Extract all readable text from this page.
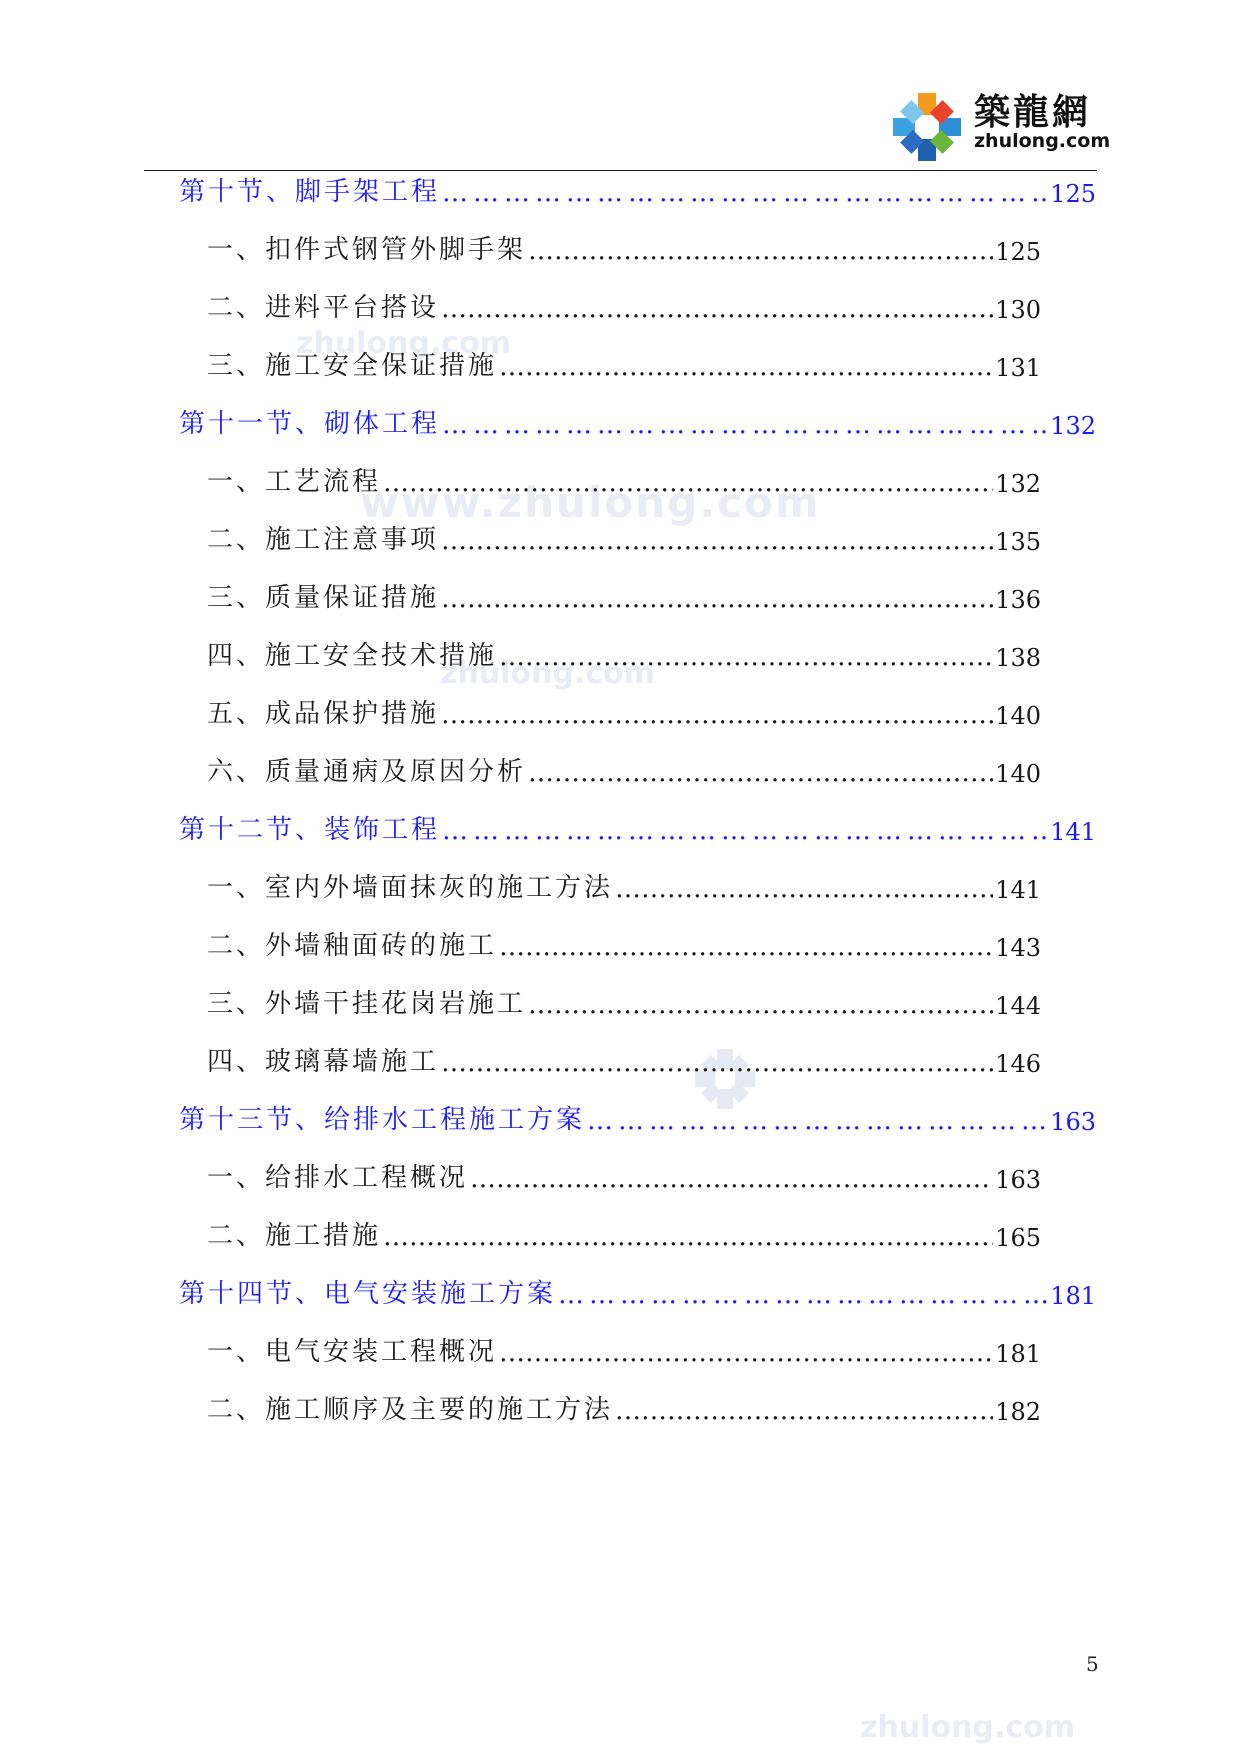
築龍網
zhulong.com
zhulong.com
www.zhulong.com
zhulong.com
第十节、脚手架工程 …………………………………………………………………………………………………………………………………………………………	125
一、扣件式钢管外脚手架 …………………………………………………………………………………………………………………………………………………………	125
二、进料平台搭设 …………………………………………………………………………………………………………………………………………………………	130
三、施工安全保证措施 …………………………………………………………………………………………………………………………………………………………	131
第十一节、砌体工程 …………………………………………………………………………………………………………………………………………………………	132
一、工艺流程 …………………………………………………………………………………………………………………………………………………………	132
二、施工注意事项 …………………………………………………………………………………………………………………………………………………………	135
三、质量保证措施 …………………………………………………………………………………………………………………………………………………………	136
四、施工安全技术措施 …………………………………………………………………………………………………………………………………………………………	138
五、成品保护措施 …………………………………………………………………………………………………………………………………………………………	140
六、质量通病及原因分析 …………………………………………………………………………………………………………………………………………………………	140
第十二节、装饰工程 …………………………………………………………………………………………………………………………………………………………	141
一、室内外墙面抹灰的施工方法 …………………………………………………………………………………………………………………………………………………………	141
二、外墙釉面砖的施工 …………………………………………………………………………………………………………………………………………………………	143
三、外墙干挂花岗岩施工 …………………………………………………………………………………………………………………………………………………………	144
四、玻璃幕墙施工 …………………………………………………………………………………………………………………………………………………………	146
第十三节、给排水工程施工方案 …………………………………………………………………………………………………………………………………………………………	163
一、给排水工程概况 …………………………………………………………………………………………………………………………………………………………	163
二、施工措施 …………………………………………………………………………………………………………………………………………………………	165
第十四节、电气安装施工方案 …………………………………………………………………………………………………………………………………………………………	181
一、电气安装工程概况 …………………………………………………………………………………………………………………………………………………………	181
二、施工顺序及主要的施工方法 …………………………………………………………………………………………………………………………………………………………	182
5
zhulong.com
